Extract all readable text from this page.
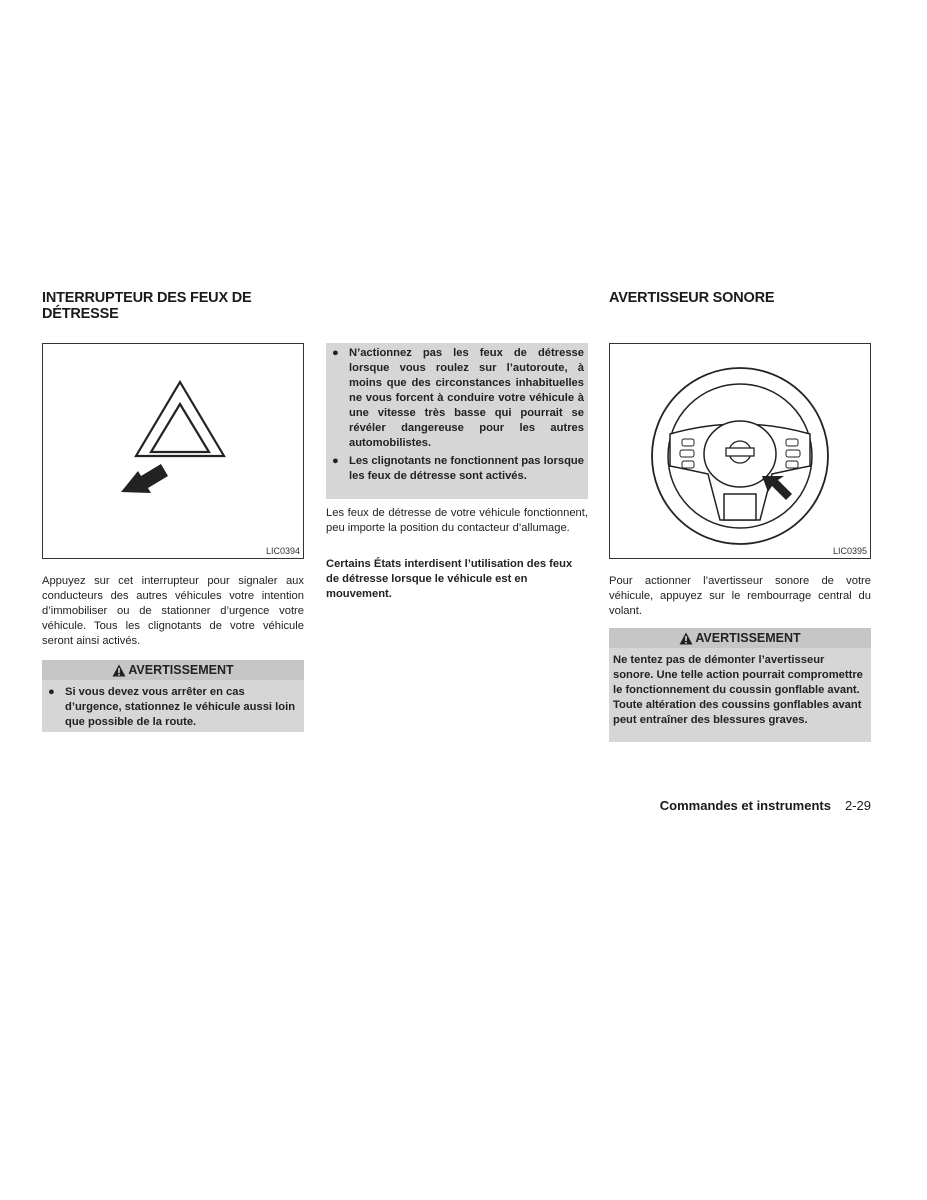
INTERRUPTEUR DES FEUX DE
DÉTRESSE
LIC0394

Appuyez sur cet interrupteur pour signaler aux conducteurs des autres véhicules votre intention d’immobiliser ou de stationner d’urgence votre véhicule. Tous les clignotants de votre véhicule seront ainsi activés.

AVERTISSEMENT
● Si vous devez vous arrêter en cas d’urgence, stationnez le véhicule aussi loin que possible de la route.
● N’actionnez pas les feux de détresse lorsque vous roulez sur l’autoroute, à moins que des circonstances inhabituelles ne vous forcent à conduire votre véhicule à une vitesse très basse qui pourrait se révéler dangereuse pour les autres automobilistes.
● Les clignotants ne fonctionnent pas lorsque les feux de détresse sont activés.

Les feux de détresse de votre véhicule fonctionnent, peu importe la position du contacteur d’allumage.

Certains États interdisent l’utilisation des feux de détresse lorsque le véhicule est en mouvement.

AVERTISSEUR SONORE
LIC0395

Pour actionner l’avertisseur sonore de votre véhicule, appuyez sur le rembourrage central du volant.

AVERTISSEMENT

Ne tentez pas de démonter l’avertisseur sonore. Une telle action pourrait compromettre le fonctionnement du coussin gonflable avant. Toute altération des coussins gonflables avant peut entraîner des blessures graves.

Commandes et instruments 2-29
